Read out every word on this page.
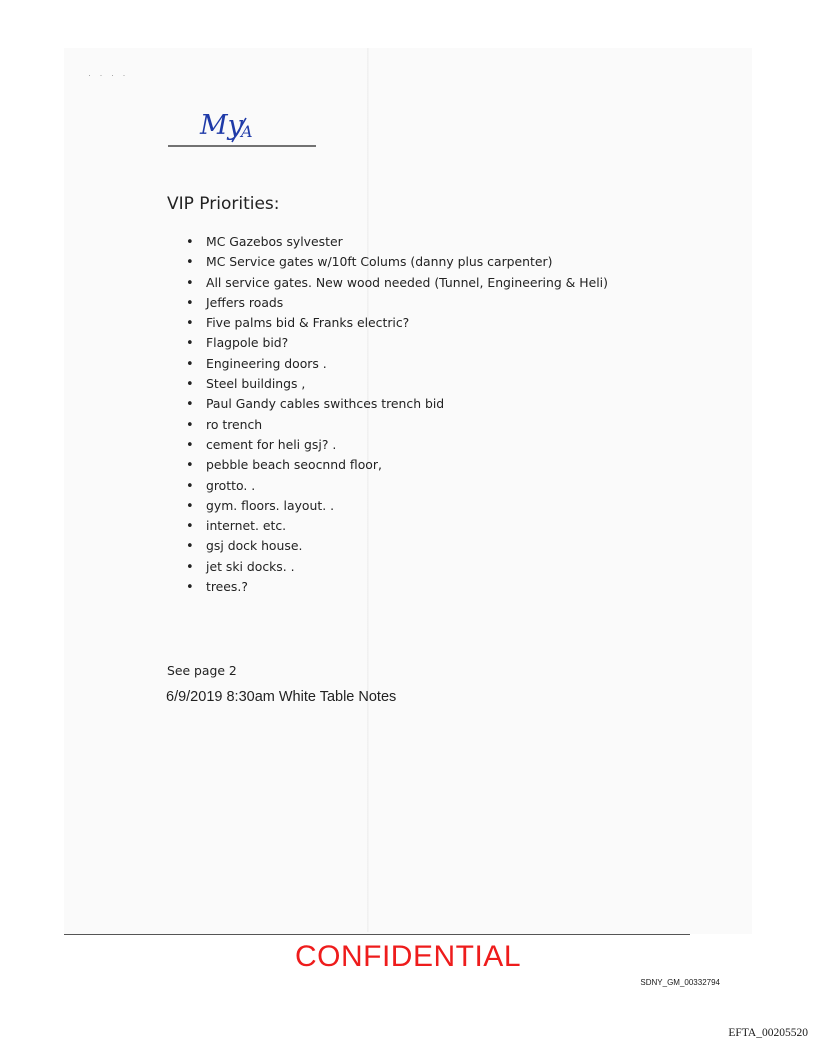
· · · ·
My
A
VIP Priorities:
• MC Gazebos sylvester
• MC Service gates w/10ft Colums (danny plus carpenter)
• All service gates. New wood needed (Tunnel, Engineering & Heli)
• Jeffers roads
• Five palms bid & Franks electric?
• Flagpole bid?
• Engineering doors .
• Steel buildings ,
• Paul Gandy cables swithces trench bid
• ro trench
• cement for heli gsj? .
• pebble beach seocnnd floor,
• grotto. .
• gym. floors. layout. .
• internet. etc.
• gsj dock house.
• jet ski docks. .
• trees.?
See page 2
6/9/2019 8:30am White Table Notes
CONFIDENTIAL
SDNY_GM_00332794
EFTA_00205520
